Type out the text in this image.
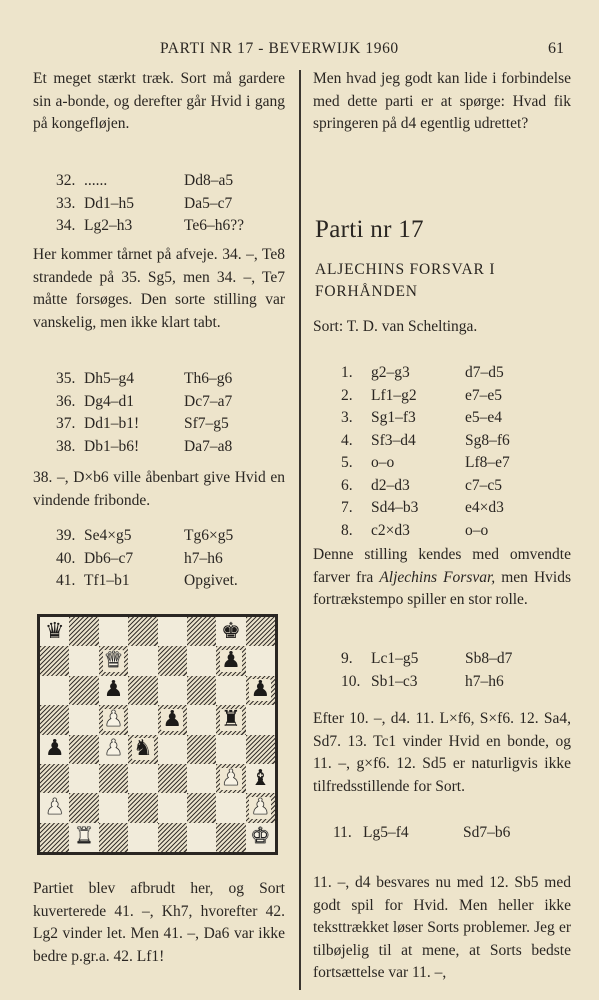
PARTI NR 17 - BEVERWIJK 1960	61

Et meget stærkt træk. Sort må gardere sin a-bonde, og derefter går Hvid i gang på kongefløjen.

32. ......	Dd8–a5
33. Dd1–h5	Da5–c7
34. Lg2–h3	Te6–h6??

Her kommer tårnet på afveje. 34. –, Te8 strandede på 35. Sg5, men 34. –, Te7 måtte forsøges. Den sorte stilling var vanskelig, men ikke klart tabt.

35. Dh5–g4	Th6–g6
36. Dg4–d1	Dc7–a7
37. Dd1–b1!	Sf7–g5
38. Db1–b6!	Da7–a8

38. –, D×b6 ville åbenbart give Hvid en vindende fribonde.

39. Se4×g5	Tg6×g5
40. Db6–c7	h7–h6
41. Tf1–b1	Opgivet.

Partiet blev afbrudt her, og Sort kuverterede 41. –, Kh7, hvorefter 42. Lg2 vinder let. Men 41. –, Da6 var ikke bedre p.gr.a. 42. Lf1!

♛	♚
♛	♟
♟	♟
♟ ♟ ♜
♟ ♟ ♞
♟ ♝
♟	♟
♜	♚

Men hvad jeg godt kan lide i forbindelse med dette parti er at spørge: Hvad fik springeren på d4 egentlig udrettet?

Parti nr 17
ALJECHINS FORSVAR I
FORHÅNDEN

Sort: T. D. van Scheltinga.

1. g2–g3	d7–d5
2. Lf1–g2	e7–e5
3. Sg1–f3	e5–e4
4. Sf3–d4	Sg8–f6
5. o–o	Lf8–e7
6. d2–d3	c7–c5
7. Sd4–b3	e4×d3
8. c2×d3	o–o

Denne stilling kendes med omvendte farver fra Aljechins Forsvar, men Hvids fortrækstempo spiller en stor rolle.

9. Lc1–g5	Sb8–d7
10. Sb1–c3	h7–h6

Efter 10. –, d4. 11. L×f6, S×f6. 12. Sa4, Sd7. 13. Tc1 vinder Hvid en bonde, og 11. –, g×f6. 12. Sd5 er naturligvis ikke tilfredsstillende for Sort.

11. Lg5–f4	Sd7–b6

11. –, d4 besvares nu med 12. Sb5 med godt spil for Hvid. Men heller ikke teksttrækket løser Sorts problemer. Jeg er tilbøjelig til at mene, at Sorts bedste fortsættelse var 11. –,
